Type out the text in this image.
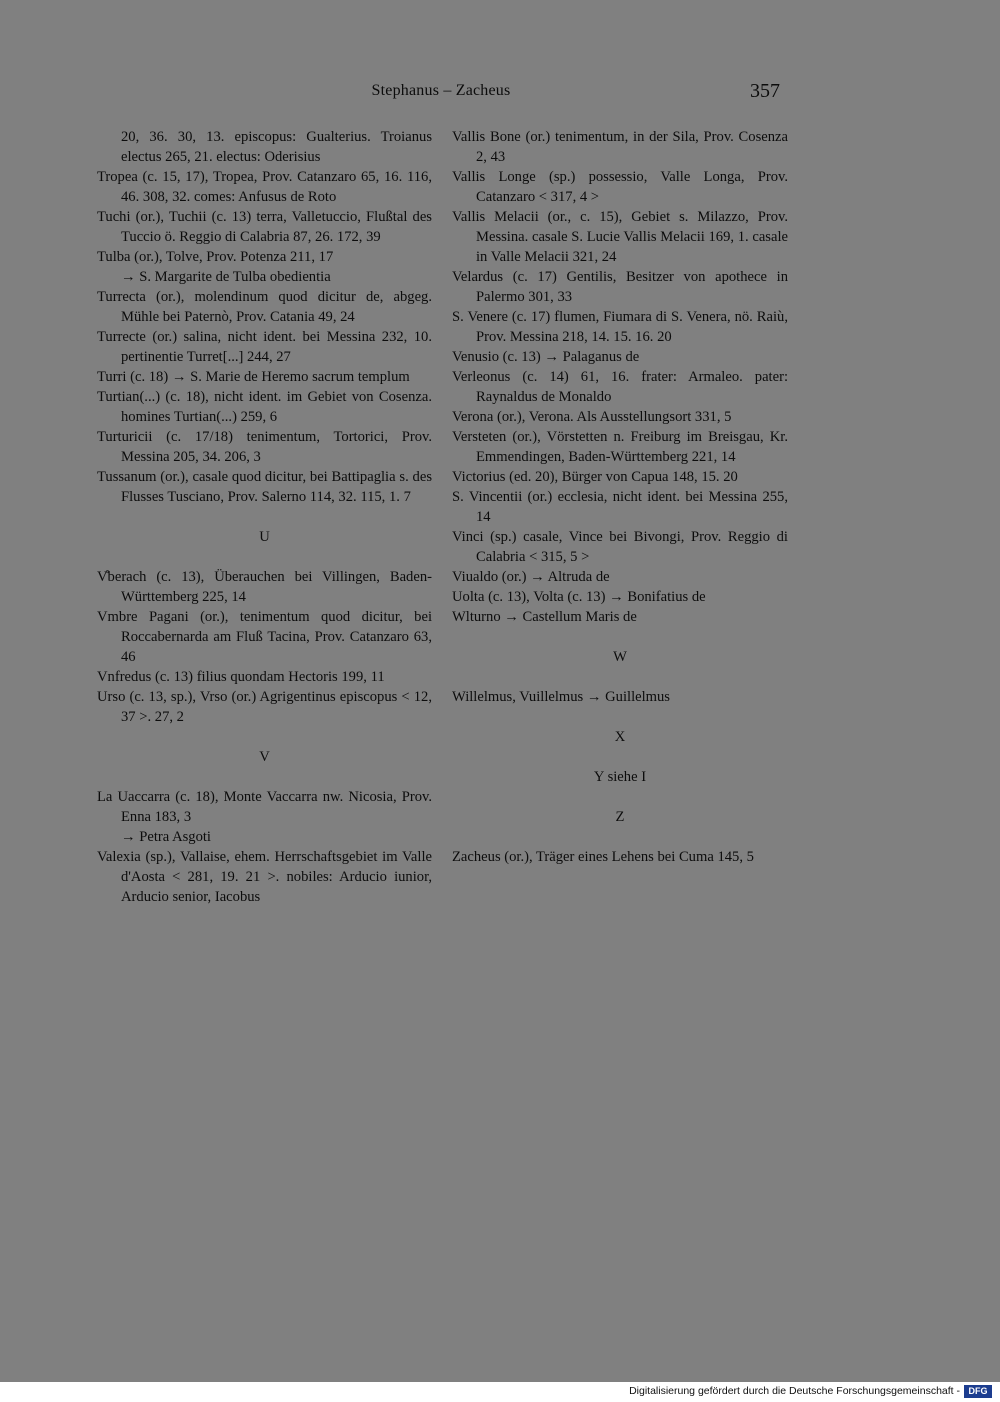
Stephanus – Zacheus	357
20, 36. 30, 13. episcopus: Gualterius. Troianus electus 265, 21. electus: Oderisius
Tropea (c. 15, 17), Tropea, Prov. Catanzaro 65, 16. 116, 46. 308, 32. comes: Anfusus de Roto
Tuchi (or.), Tuchii (c. 13) terra, Valletuccio, Flußtal des Tuccio ö. Reggio di Calabria 87, 26. 172, 39
Tulba (or.), Tolve, Prov. Potenza 211, 17
→ S. Margarite de Tulba obedientia
Turrecta (or.), molendinum quod dicitur de, abgeg. Mühle bei Paternò, Prov. Catania 49, 24
Turrecte (or.) salina, nicht ident. bei Messina 232, 10. pertinentie Turret[...] 244, 27
Turri (c. 18) → S. Marie de Heremo sacrum templum
Turtian(...) (c. 18), nicht ident. im Gebiet von Cosenza. homines Turtian(...) 259, 6
Turturicii (c. 17/18) tenimentum, Tortorici, Prov. Messina 205, 34. 206, 3
Tussanum (or.), casale quod dicitur, bei Battipaglia s. des Flusses Tusciano, Prov. Salerno 114, 32. 115, 1. 7
U
V̊berach (c. 13), Überauchen bei Villingen, Baden-Württemberg 225, 14
Vmbre Pagani (or.), tenimentum quod dicitur, bei Roccabernarda am Fluß Tacina, Prov. Catanzaro 63, 46
Vnfredus (c. 13) filius quondam Hectoris 199, 11
Urso (c. 13, sp.), Vrso (or.) Agrigentinus episcopus < 12, 37 >. 27, 2
V
La Uaccarra (c. 18), Monte Vaccarra nw. Nicosia, Prov. Enna 183, 3
→ Petra Asgoti
Valexia (sp.), Vallaise, ehem. Herrschaftsgebiet im Valle d'Aosta < 281, 19. 21 >. nobiles: Arducio iunior, Arducio senior, Iacobus
Vallis Bone (or.) tenimentum, in der Sila, Prov. Cosenza 2, 43
Vallis Longe (sp.) possessio, Valle Longa, Prov. Catanzaro < 317, 4 >
Vallis Melacii (or., c. 15), Gebiet s. Milazzo, Prov. Messina. casale S. Lucie Vallis Melacii 169, 1. casale in Valle Melacii 321, 24
Velardus (c. 17) Gentilis, Besitzer von apothece in Palermo 301, 33
S. Venere (c. 17) flumen, Fiumara di S. Venera, nö. Raiù, Prov. Messina 218, 14. 15. 16. 20
Venusio (c. 13) → Palaganus de
Verleonus (c. 14) 61, 16. frater: Armaleo. pater: Raynaldus de Monaldo
Verona (or.), Verona. Als Ausstellungsort 331, 5
Versteten (or.), Vörstetten n. Freiburg im Breisgau, Kr. Emmendingen, Baden-Württemberg 221, 14
Victorius (ed. 20), Bürger von Capua 148, 15. 20
S. Vincentii (or.) ecclesia, nicht ident. bei Messina 255, 14
Vinci (sp.) casale, Vince bei Bivongi, Prov. Reggio di Calabria < 315, 5 >
Viualdo (or.) → Altruda de
Uolta (c. 13), Volta (c. 13) → Bonifatius de
Wlturno → Castellum Maris de
W
Willelmus, Vuillelmus → Guillelmus
X
Y siehe I
Z
Zacheus (or.), Träger eines Lehens bei Cuma 145, 5
Digitalisierung gefördert durch die Deutsche Forschungsgemeinschaft - DFG
